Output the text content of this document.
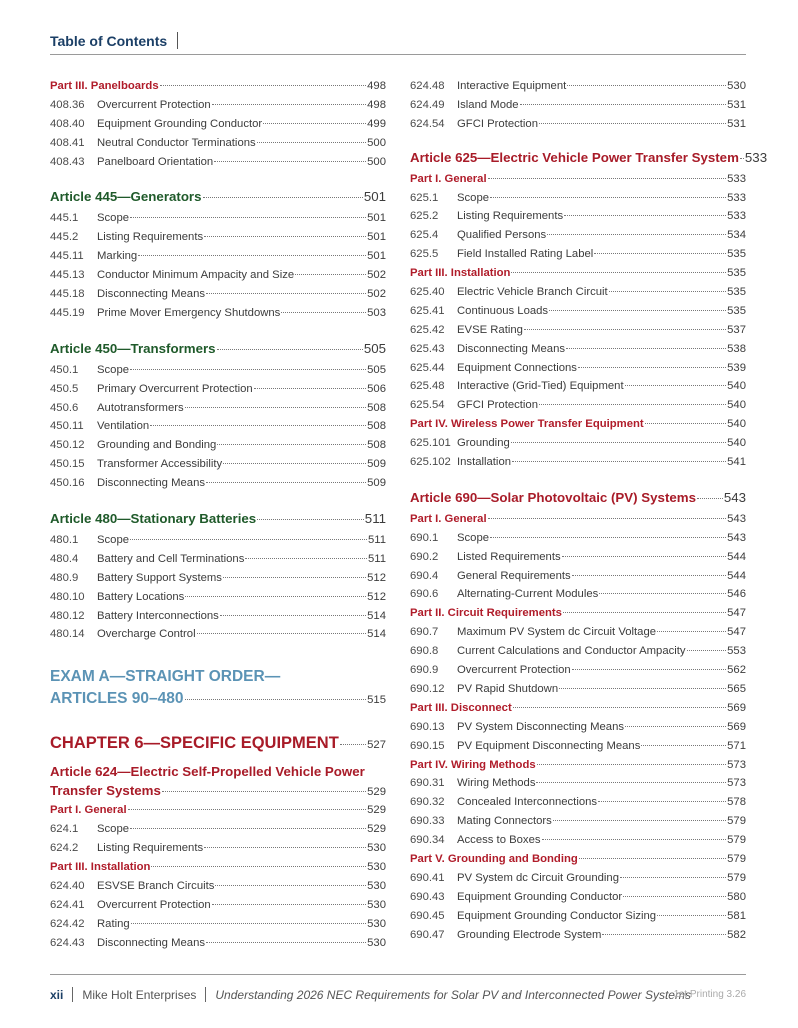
Table of Contents
Part III. Panelboards	498
408.36	Overcurrent Protection	498
408.40	Equipment Grounding Conductor	499
408.41	Neutral Conductor Terminations	500
408.43	Panelboard Orientation	500
Article 445—Generators	501
445.1	Scope	501
445.2	Listing Requirements	501
445.11	Marking	501
445.13	Conductor Minimum Ampacity and Size	502
445.18	Disconnecting Means	502
445.19	Prime Mover Emergency Shutdowns	503
Article 450—Transformers	505
450.1	Scope	505
450.5	Primary Overcurrent Protection	506
450.6	Autotransformers	508
450.11	Ventilation	508
450.12	Grounding and Bonding	508
450.15	Transformer Accessibility	509
450.16	Disconnecting Means	509
Article 480—Stationary Batteries	511
480.1	Scope	511
480.4	Battery and Cell Terminations	511
480.9	Battery Support Systems	512
480.10	Battery Locations	512
480.12	Battery Interconnections	514
480.14	Overcharge Control	514
EXAM A—STRAIGHT ORDER—
ARTICLES 90–480	515
CHAPTER 6—SPECIFIC EQUIPMENT	527
Article 624—Electric Self-Propelled Vehicle Power
Transfer Systems	529
Part I. General	529
624.1	Scope	529
624.2	Listing Requirements	530
Part III. Installation	530
624.40	ESVSE Branch Circuits	530
624.41	Overcurrent Protection	530
624.42	Rating	530
624.43	Disconnecting Means	530
624.48	Interactive Equipment	530
624.49	Island Mode	531
624.54	GFCI Protection	531
Article 625—Electric Vehicle Power Transfer System 533
Part I. General	533
625.1	Scope	533
625.2	Listing Requirements	533
625.4	Qualified Persons	534
625.5	Field Installed Rating Label	535
Part III. Installation	535
625.40	Electric Vehicle Branch Circuit	535
625.41	Continuous Loads	535
625.42	EVSE Rating	537
625.43	Disconnecting Means	538
625.44	Equipment Connections	539
625.48	Interactive (Grid-Tied) Equipment	540
625.54	GFCI Protection	540
Part IV. Wireless Power Transfer Equipment	540
625.101 Grounding	540
625.102 Installation	541
Article 690—Solar Photovoltaic (PV) Systems 543
Part I. General	543
690.1	Scope	543
690.2	Listed Requirements	544
690.4	General Requirements	544
690.6	Alternating-Current Modules	546
Part II. Circuit Requirements	547
690.7	Maximum PV System dc Circuit Voltage	547
690.8	Current Calculations and Conductor Ampacity	553
690.9	Overcurrent Protection	562
690.12	PV Rapid Shutdown	565
Part III. Disconnect	569
690.13	PV System Disconnecting Means	569
690.15	PV Equipment Disconnecting Means	571
Part IV. Wiring Methods	573
690.31	Wiring Methods	573
690.32	Concealed Interconnections	578
690.33	Mating Connectors	579
690.34	Access to Boxes	579
Part V. Grounding and Bonding	579
690.41	PV System dc Circuit Grounding	579
690.43	Equipment Grounding Conductor	580
690.45	Equipment Grounding Conductor Sizing	581
690.47	Grounding Electrode System	582
xii Mike Holt Enterprises Understanding 2026 NEC Requirements for Solar PV and Interconnected Power Systems
1st Printing 3.26
